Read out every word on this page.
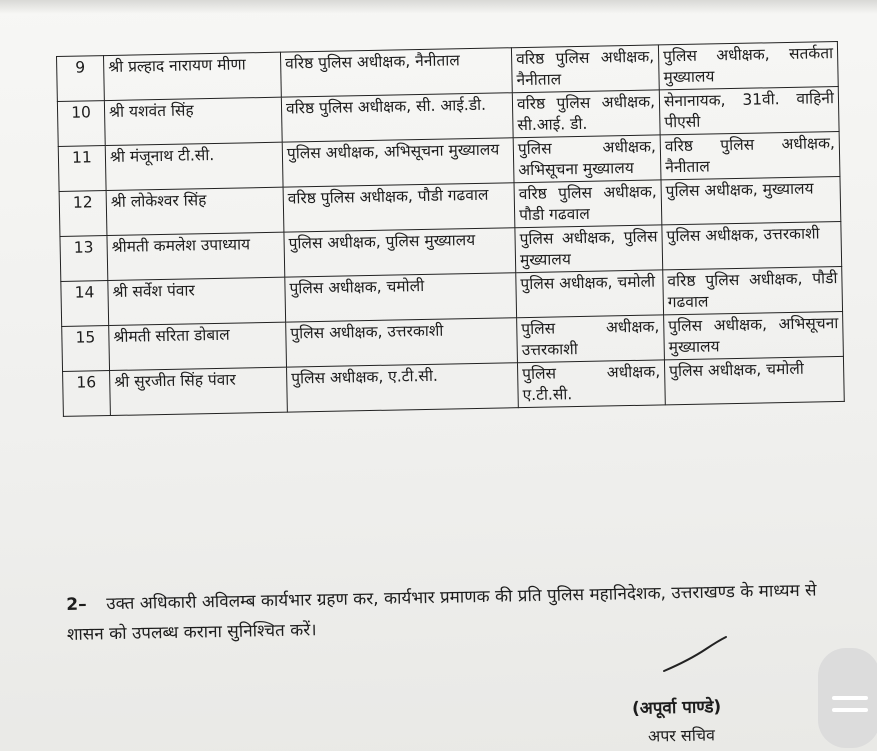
9	श्री प्रल्हाद नारायण मीणा	वरिष्ठ पुलिस अधीक्षक, नैनीताल	वरिष्ठ पुलिस अधीक्षक, नैनीताल	पुलिस अधीक्षक, सतर्कता मुख्यालय
10	श्री यशवंत सिंह	वरिष्ठ पुलिस अधीक्षक, सी. आई.डी.	वरिष्ठ पुलिस अधीक्षक, सी.आई. डी.	सेनानायक, 31वी. वाहिनी पीएसी
11	श्री मंजूनाथ टी.सी.	पुलिस अधीक्षक, अभिसूचना मुख्यालय	पुलिस अधीक्षक, अभिसूचना मुख्यालय	वरिष्ठ पुलिस अधीक्षक, नैनीताल
12	श्री लोकेश्वर सिंह	वरिष्ठ पुलिस अधीक्षक, पौडी गढवाल	वरिष्ठ पुलिस अधीक्षक, पौडी गढवाल	पुलिस अधीक्षक, मुख्यालय
13	श्रीमती कमलेश उपाध्याय	पुलिस अधीक्षक, पुलिस मुख्यालय	पुलिस अधीक्षक, पुलिस मुख्यालय	पुलिस अधीक्षक, उत्तरकाशी
14	श्री सर्वेश पंवार	पुलिस अधीक्षक, चमोली	पुलिस अधीक्षक, चमोली	वरिष्ठ पुलिस अधीक्षक, पौडी गढवाल
15	श्रीमती सरिता डोबाल	पुलिस अधीक्षक, उत्तरकाशी	पुलिस अधीक्षक, उत्तरकाशी	पुलिस अधीक्षक, अभिसूचना मुख्यालय
16	श्री सुरजीत सिंह पंवार	पुलिस अधीक्षक, ए.टी.सी.	पुलिस अधीक्षक, ए.टी.सी.	पुलिस अधीक्षक, चमोली
2– उक्त अधिकारी अविलम्ब कार्यभार ग्रहण कर, कार्यभार प्रमाणक की प्रति पुलिस महानिदेशक, उत्तराखण्ड के माध्यम से शासन को उपलब्ध कराना सुनिश्चित करें।
(अपूर्वा पाण्डे)
अपर सचिव
